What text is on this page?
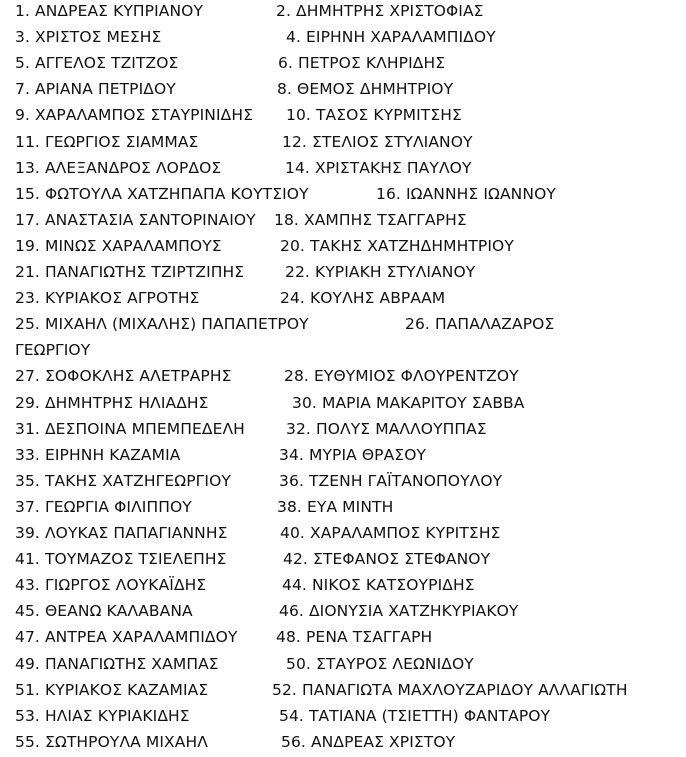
1. ΑΝΔΡΕΑΣ ΚΥΠΡΙΑΝΟΥ	2. ΔΗΜΗΤΡΗΣ ΧΡΙΣΤΟΦΙΑΣ
3. ΧΡΙΣΤΟΣ ΜΕΣΗΣ	4. ΕΙΡΗΝΗ ΧΑΡΑΛΑΜΠΙΔΟΥ
5. ΑΓΓΕΛΟΣ ΤΖΙΤΖΟΣ	6. ΠΕΤΡΟΣ ΚΛΗΡΙΔΗΣ
7. ΑΡΙΑΝΑ ΠΕΤΡΙΔΟΥ	8. ΘΕΜΟΣ ΔΗΜΗΤΡΙΟΥ
9. ΧΑΡΑΛΑΜΠΟΣ ΣΤΑΥΡΙΝΙΔΗΣ 10. ΤΑΣΟΣ ΚΥΡΜΙΤΣΗΣ
11. ΓΕΩΡΓΙΟΣ ΣΙΑΜΜΑΣ	12. ΣΤΕΛΙΟΣ ΣΤΥΛΙΑΝΟΥ
13. ΑΛΕΞΑΝΔΡΟΣ ΛΟΡΔΟΣ	14. ΧΡΙΣΤΑΚΗΣ ΠΑΥΛΟΥ
15. ΦΩΤΟΥΛΑ ΧΑΤΖΗΠΑΠΑ ΚΟΥΤΣΙΟΥ	16. ΙΩΑΝΝΗΣ ΙΩΑΝΝΟΥ
17. ΑΝΑΣΤΑΣΙΑ ΣΑΝΤΟΡΙΝΑΙΟΥ 18. ΧΑΜΠΗΣ ΤΣΑΓΓΑΡΗΣ
19. ΜΙΝΩΣ ΧΑΡΑΛΑΜΠΟΥΣ	20. ΤΑΚΗΣ ΧΑΤΖΗΔΗΜΗΤΡΙΟΥ
21. ΠΑΝΑΓΙΩΤΗΣ ΤΖΙΡΤΖΙΠΗΣ	22. ΚΥΡΙΑΚΗ ΣΤΥΛΙΑΝΟΥ
23. ΚΥΡΙΑΚΟΣ ΑΓΡΟΤΗΣ	24. ΚΟΥΛΗΣ ΑΒΡΑΑΜ
25. ΜΙΧΑΗΛ (ΜΙΧΑΛΗΣ) ΠΑΠΑΠΕΤΡΟΥ	26. ΠΑΠΑΛΑΖΑΡΟΣ
ΓΕΩΡΓΙΟΥ
27. ΣΟΦΟΚΛΗΣ ΑΛΕΤΡΑΡΗΣ	28. ΕΥΘΥΜΙΟΣ ΦΛΟΥΡΕΝΤΖΟΥ
29. ΔΗΜΗΤΡΗΣ ΗΛΙΑΔΗΣ	30. ΜΑΡΙΑ ΜΑΚΑΡΙΤΟΥ ΣΑΒΒΑ
31. ΔΕΣΠΟΙΝΑ ΜΠΕΜΠΕΔΕΛΗ	32. ΠΟΛΥΣ ΜΑΛΛΟΥΠΠΑΣ
33. ΕΙΡΗΝΗ ΚΑΖΑΜΙΑ	34. ΜΥΡΙΑ ΘΡΑΣΟΥ
35. ΤΑΚΗΣ ΧΑΤΖΗΓΕΩΡΓΙΟΥ	36. ΤΖΕΝΗ ΓΑΪΤΑΝΟΠΟΥΛΟΥ
37. ΓΕΩΡΓΙΑ ΦΙΛΙΠΠΟΥ	38. ΕΥΑ ΜΙΝΤΗ
39. ΛΟΥΚΑΣ ΠΑΠΑΓΙΑΝΝΗΣ	40. ΧΑΡΑΛΑΜΠΟΣ ΚΥΡΙΤΣΗΣ
41. ΤΟΥΜΑΖΟΣ ΤΣΙΕΛΕΠΗΣ	42. ΣΤΕΦΑΝΟΣ ΣΤΕΦΑΝΟΥ
43. ΓΙΩΡΓΟΣ ΛΟΥΚΑΪΔΗΣ	44. ΝΙΚΟΣ ΚΑΤΣΟΥΡΙΔΗΣ
45. ΘΕΑΝΩ ΚΑΛΑΒΑΝΑ	46. ΔΙΟΝΥΣΙΑ ΧΑΤΖΗΚΥΡΙΑΚΟΥ
47. ΑΝΤΡΕΑ ΧΑΡΑΛΑΜΠΙΔΟΥ 48. ΡΕΝΑ ΤΣΑΓΓΑΡΗ
49. ΠΑΝΑΓΙΩΤΗΣ ΧΑΜΠΑΣ	50. ΣΤΑΥΡΟΣ ΛΕΩΝΙΔΟΥ
51. ΚΥΡΙΑΚΟΣ ΚΑΖΑΜΙΑΣ	52. ΠΑΝΑΓΙΩΤΑ ΜΑΧΛΟΥΖΑΡΙΔΟΥ ΑΛΛΑΓΙΩΤΗ
53. ΗΛΙΑΣ ΚΥΡΙΑΚΙΔΗΣ	54. ΤΑΤΙΑΝΑ (ΤΣΙΕΤΤΗ) ΦΑΝΤΑΡΟΥ
55. ΣΩΤΗΡΟΥΛΑ ΜΙΧΑΗΛ	56. ΑΝΔΡΕΑΣ ΧΡΙΣΤΟΥ
